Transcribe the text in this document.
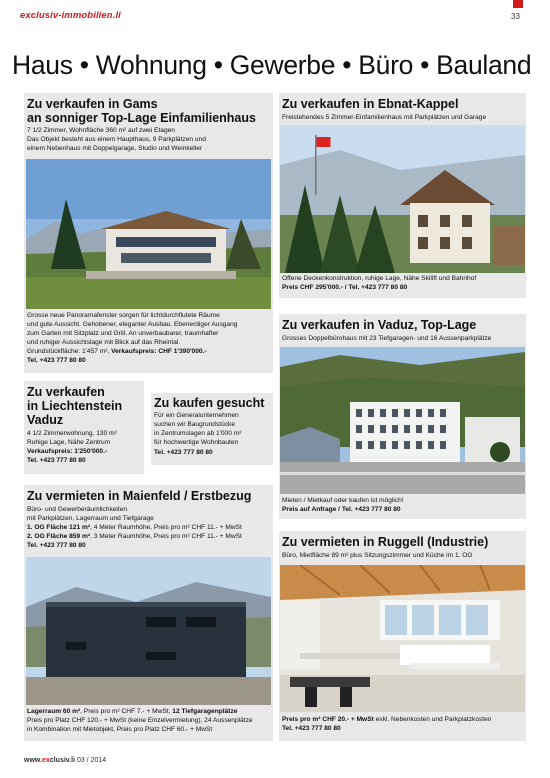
exclusiv-immobilien.li	33
Haus • Wohnung • Gewerbe • Büro • Bauland
Zu verkaufen in Gams
an sonniger Top-Lage Einfamilienhaus
7 1/2 Zimmer, Wohnfläche 360 m² auf zwei Etagen
Das Objekt besteht aus einem Haupthaus, 9 Parkplätzen und
einem Nebenhaus mit Doppelgarage, Studio und Weinkeller
Grosse neue Panoramafenster sorgen für lichtdurchflutete Räume
und gute Aussicht. Gehobener, eleganter Ausbau. Ebenerdiger Ausgang
zum Garten mit Sitzplatz und Grill. An unverbaubarer, traumhafter
und ruhiger Aussichtslage mit Blick auf das Rheintal.
Grundstückfläche: 1'457 m², Verkaufspreis: CHF 1'390'000.-
Tel. +423 777 80 80
Zu verkaufen in Ebnat-Kappel
Freistehendes 5 Zimmer-Einfamilienhaus mit Parkplätzen und Garage
Offene Deckenkonstruktion, ruhige Lage, Nähe Skilift und Bahnhof
Preis CHF 295'000.- / Tel. +423 777 80 80
Zu verkaufen in Vaduz, Top-Lage
Grosses Doppelbürohaus mit 23 Tiefgaragen- und 16 Aussenparkplätze
Mieten / Mietkauf oder kaufen ist möglich!
Preis auf Anfrage / Tel. +423 777 80 80
Zu verkaufen
in Liechtenstein
Vaduz
4 1/2 Zimmerwohnung, 130 m²
Ruhige Lage, Nähe Zentrum
Verkaufspreis: 1'250'000.-
Tel. +423 777 80 80
Zu kaufen gesucht
Für ein Generalunternehmen
suchen wir Baugrundstücke
in Zentrumslagen ab 1'000 m²
für hochwertige Wohnbauten
Tel. +423 777 80 80
Zu vermieten in Maienfeld / Erstbezug
Büro- und Gewerberäumlichkeiten
mit Parkplätzen, Lagerraum und Tiefgarage
1. OG Fläche 121 m², 4 Meter Raumhöhe, Preis pro m² CHF 11.- + MwSt
2. OG Fläche 859 m², 3 Meter Raumhöhe, Preis pro m² CHF 11.- + MwSt
Tel. +423 777 80 80
Lagerraum 60 m², Preis pro m² CHF 7.- + MwSt, 12 Tiefgaragenplätze
Preis pro Platz CHF 120.- + MwSt (keine Einzelvermietung), 24 Aussenplätze
in Kombination mit Mietobjekt, Preis pro Platz CHF 60.- + MwSt
Zu vermieten in Ruggell (Industrie)
Büro, Mietfläche 89 m² plus Sitzungszimmer und Küche im 1. OG
Preis pro m² CHF 20.- + MwSt exkl. Nebenkosten und Parkplatzkosten
Tel. +423 777 80 80
www.exclusiv.li 03 / 2014
